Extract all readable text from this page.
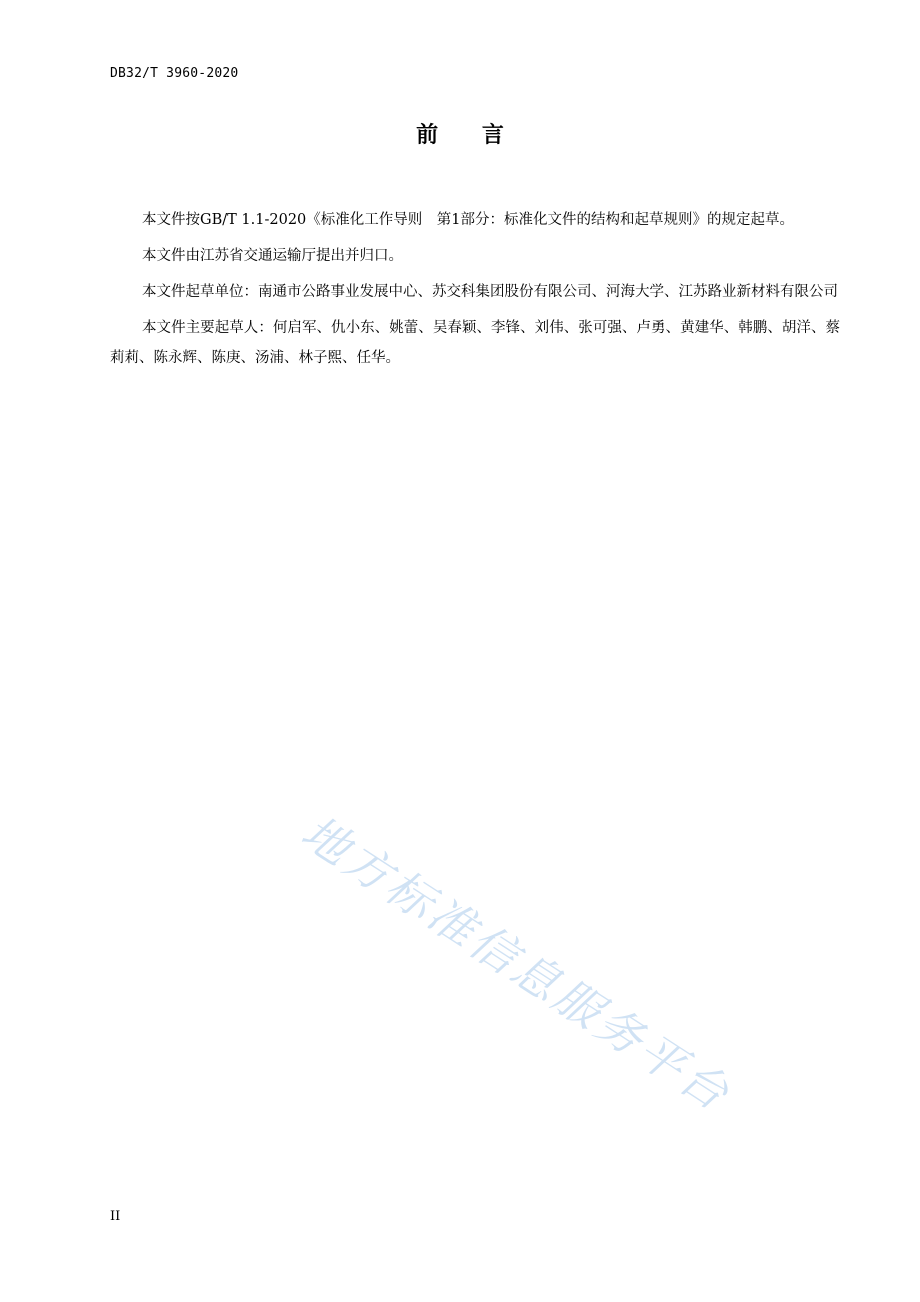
DB32/T 3960-2020
前 言

本文件按GB/T 1.1-2020《标准化工作导则　第1部分：标准化文件的结构和起草规则》的规定起草。

本文件由江苏省交通运输厅提出并归口。

本文件起草单位：南通市公路事业发展中心、苏交科集团股份有限公司、河海大学、江苏路业新材料有限公司

本文件主要起草人：何启军、仇小东、姚蕾、吴春颖、李锋、刘伟、张可强、卢勇、黄建华、韩鹏、胡洋、蔡莉莉、陈永辉、陈庚、汤浦、林子熙、任华。

地方标准信息服务平台
II
